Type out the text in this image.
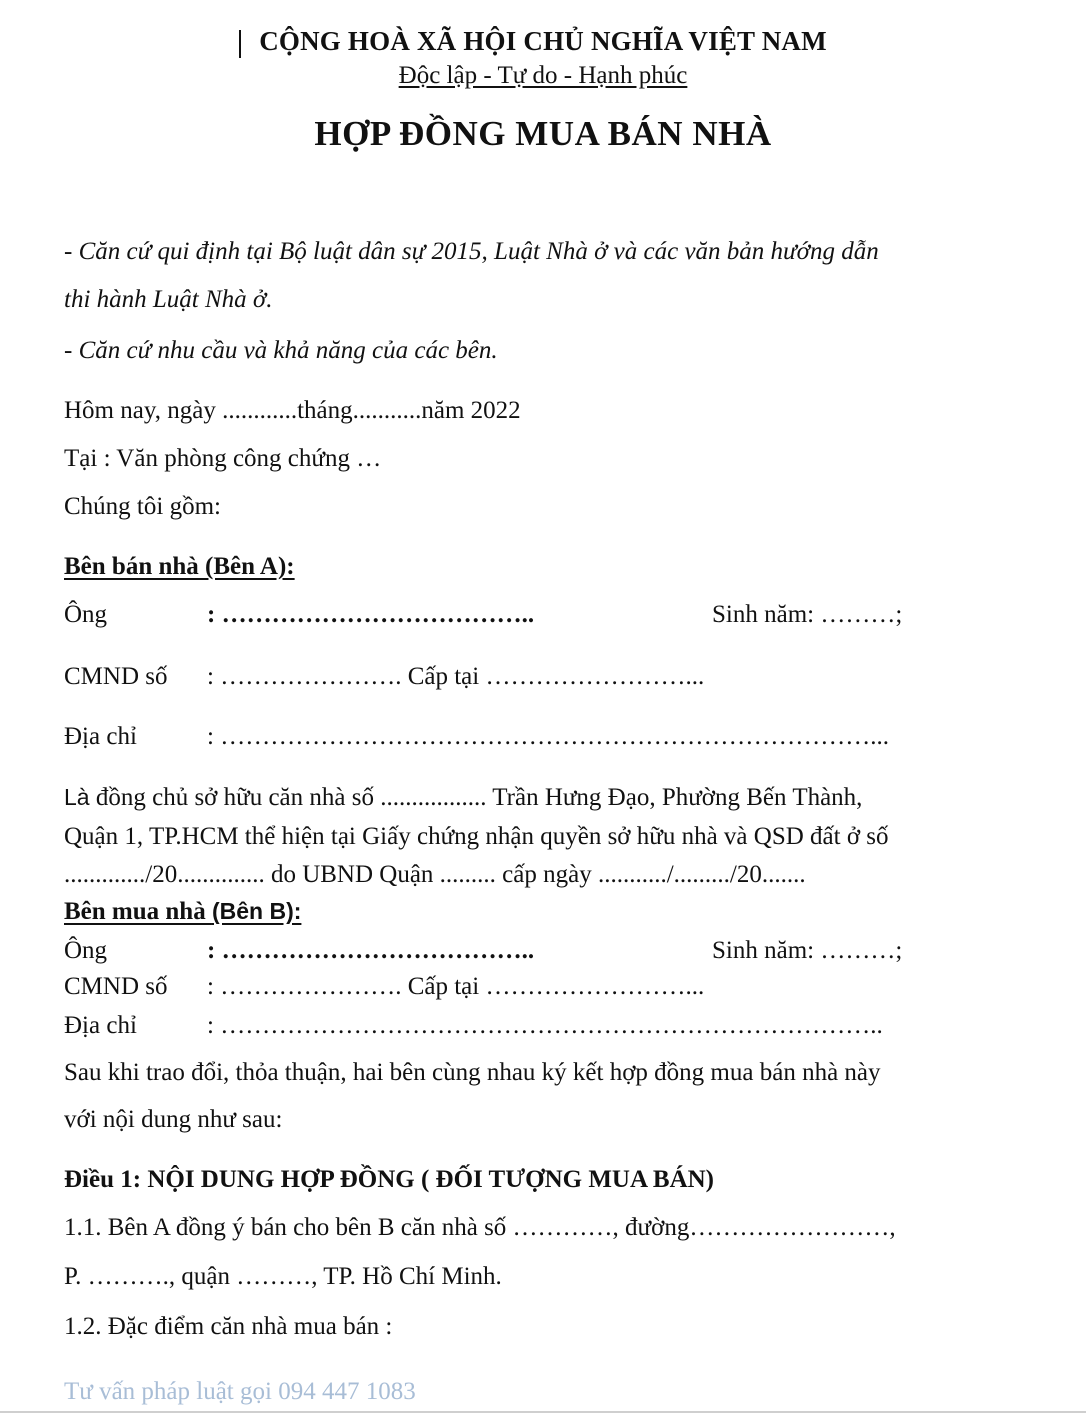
CỘNG HOÀ XÃ HỘI CHỦ NGHĨA VIỆT NAM
Độc lập - Tự do - Hạnh phúc
HỢP ĐỒNG MUA BÁN NHÀ
- Căn cứ qui định tại Bộ luật dân sự 2015, Luật Nhà ở và các văn bản hướng dẫn
thi hành Luật Nhà ở.
- Căn cứ nhu cầu và khả năng của các bên.
Hôm nay, ngày ............tháng...........năm 2022
Tại : Văn phòng công chứng …
Chúng tôi gồm:
Bên bán nhà (Bên A):
Ông	: ………………………………..	Sinh năm: ………;
CMND số : …………………. Cấp tại ……………………...
Địa chỉ	: ……………………………………………………………………...
Là đồng chủ sở hữu căn nhà số ................. Trần Hưng Đạo, Phường Bến Thành,
Quận 1, TP.HCM thể hiện tại Giấy chứng nhận quyền sở hữu nhà và QSD đất ở số
............./20.............. do UBND Quận ......... cấp ngày .........../........./20.......
Bên mua nhà (Bên B):
Ông	: ………………………………..	Sinh năm: ………;
CMND số : …………………. Cấp tại ……………………...
Địa chỉ	: ……………………………………………………………………..
Sau khi trao đổi, thỏa thuận, hai bên cùng nhau ký kết hợp đồng mua bán nhà này
với nội dung như sau:
Điều 1: NỘI DUNG HỢP ĐỒNG ( ĐỐI TƯỢNG MUA BÁN)
1.1. Bên A đồng ý bán cho bên B căn nhà số …………, đường……………………,
P. ………., quận ………, TP. Hồ Chí Minh.
1.2. Đặc điểm căn nhà mua bán :
Tư vấn pháp luật gọi 094 447 1083
